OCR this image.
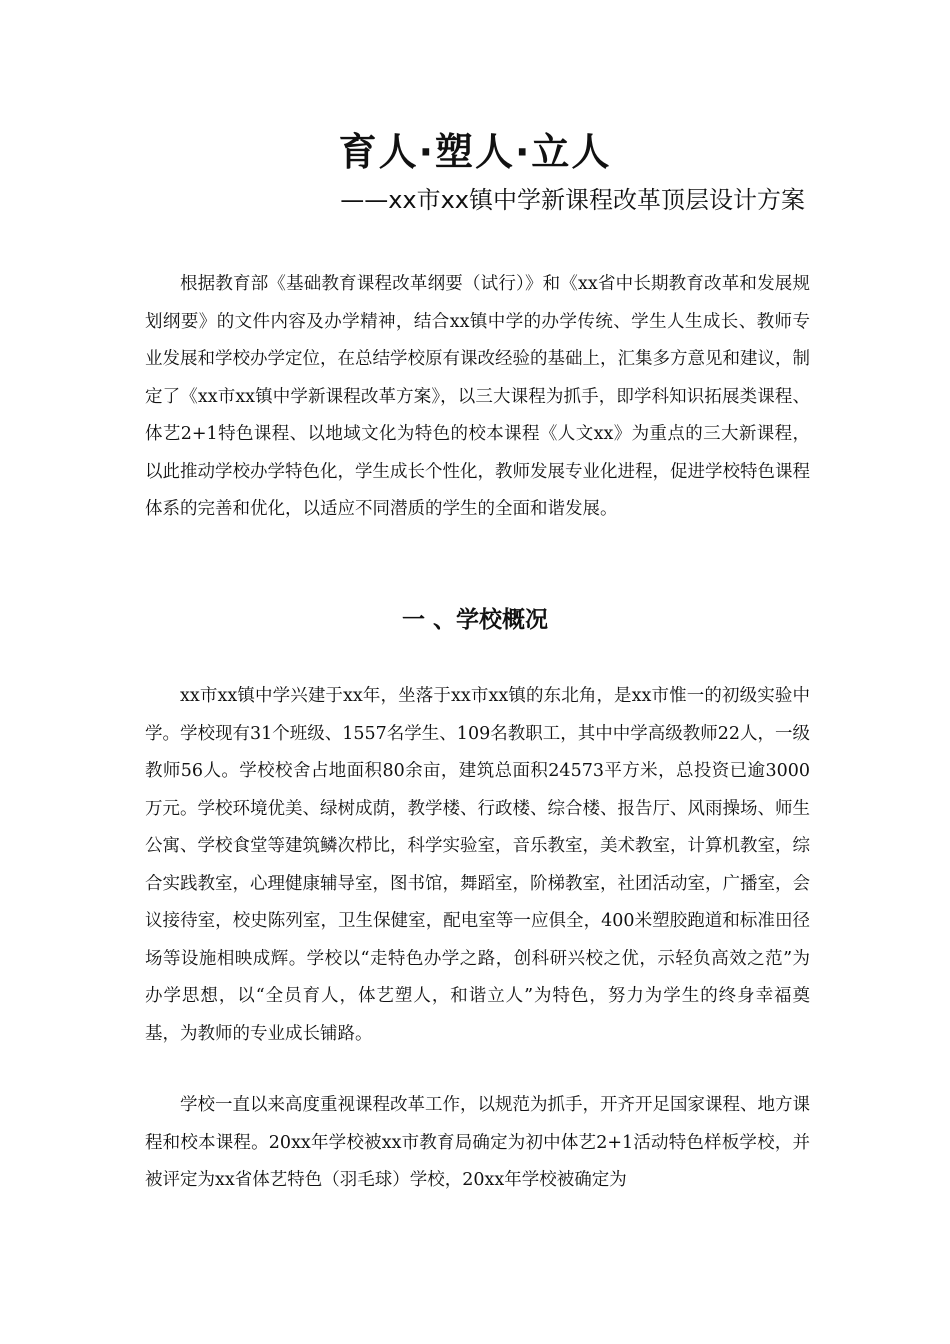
育人·塑人·立人
——xx市xx镇中学新课程改革顶层设计方案

根据教育部《基础教育课程改革纲要（试行）》和《xx省中长期教育改革和发展规划纲要》的文件内容及办学精神，结合xx镇中学的办学传统、学生人生成长、教师专业发展和学校办学定位，在总结学校原有课改经验的基础上，汇集多方意见和建议，制定了《xx市xx镇中学新课程改革方案》，以三大课程为抓手，即学科知识拓展类课程、体艺2+1特色课程、以地域文化为特色的校本课程《人文xx》为重点的三大新课程，以此推动学校办学特色化，学生成长个性化，教师发展专业化进程，促进学校特色课程体系的完善和优化，以适应不同潜质的学生的全面和谐发展。

一 、学校概况

xx市xx镇中学兴建于xx年，坐落于xx市xx镇的东北角，是xx市惟一的初级实验中学。学校现有31个班级、1557名学生、109名教职工，其中中学高级教师22人，一级教师56人。学校校舍占地面积80余亩，建筑总面积24573平方米，总投资已逾3000万元。学校环境优美、绿树成荫，教学楼、行政楼、综合楼、报告厅、风雨操场、师生公寓、学校食堂等建筑鳞次栉比，科学实验室，音乐教室，美术教室，计算机教室，综合实践教室，心理健康辅导室，图书馆，舞蹈室，阶梯教室，社团活动室，广播室，会议接待室，校史陈列室，卫生保健室，配电室等一应俱全，400米塑胶跑道和标准田径场等设施相映成辉。学校以“走特色办学之路，创科研兴校之优，示轻负高效之范”为办学思想，以“全员育人，体艺塑人，和谐立人”为特色，努力为学生的终身幸福奠基，为教师的专业成长铺路。

学校一直以来高度重视课程改革工作，以规范为抓手，开齐开足国家课程、地方课程和校本课程。20xx年学校被xx市教育局确定为初中体艺2+1活动特色样板学校，并被评定为xx省体艺特色（羽毛球）学校，20xx年学校被确定为
